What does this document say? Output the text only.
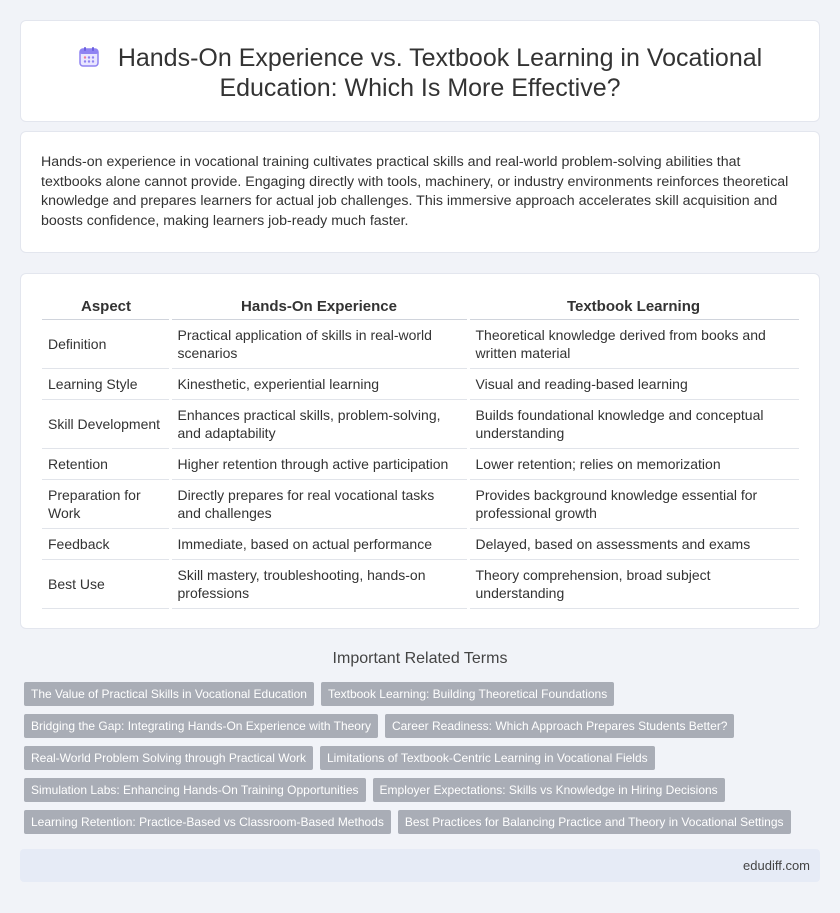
Hands-On Experience vs. Textbook Learning in Vocational Education: Which Is More Effective?

Hands-on experience in vocational training cultivates practical skills and real-world problem-solving abilities that textbooks alone cannot provide. Engaging directly with tools, machinery, or industry environments reinforces theoretical knowledge and prepares learners for actual job challenges. This immersive approach accelerates skill acquisition and boosts confidence, making learners job-ready much faster.

Aspect	Hands-On Experience	Textbook Learning
Definition	Practical application of skills in real-world scenarios	Theoretical knowledge derived from books and written material
Learning Style	Kinesthetic, experiential learning	Visual and reading-based learning
Skill Development	Enhances practical skills, problem-solving, and adaptability	Builds foundational knowledge and conceptual understanding
Retention	Higher retention through active participation	Lower retention; relies on memorization
Preparation for Work	Directly prepares for real vocational tasks and challenges	Provides background knowledge essential for professional growth
Feedback	Immediate, based on actual performance	Delayed, based on assessments and exams
Best Use	Skill mastery, troubleshooting, hands-on professions	Theory comprehension, broad subject understanding
Important Related Terms
The Value of Practical Skills in Vocational Education	Textbook Learning: Building Theoretical Foundations
Bridging the Gap: Integrating Hands-On Experience with Theory	Career Readiness: Which Approach Prepares Students Better?
Real-World Problem Solving through Practical Work	Limitations of Textbook-Centric Learning in Vocational Fields
Simulation Labs: Enhancing Hands-On Training Opportunities	Employer Expectations: Skills vs Knowledge in Hiring Decisions
Learning Retention: Practice-Based vs Classroom-Based Methods	Best Practices for Balancing Practice and Theory in Vocational Settings
edudiff.com
